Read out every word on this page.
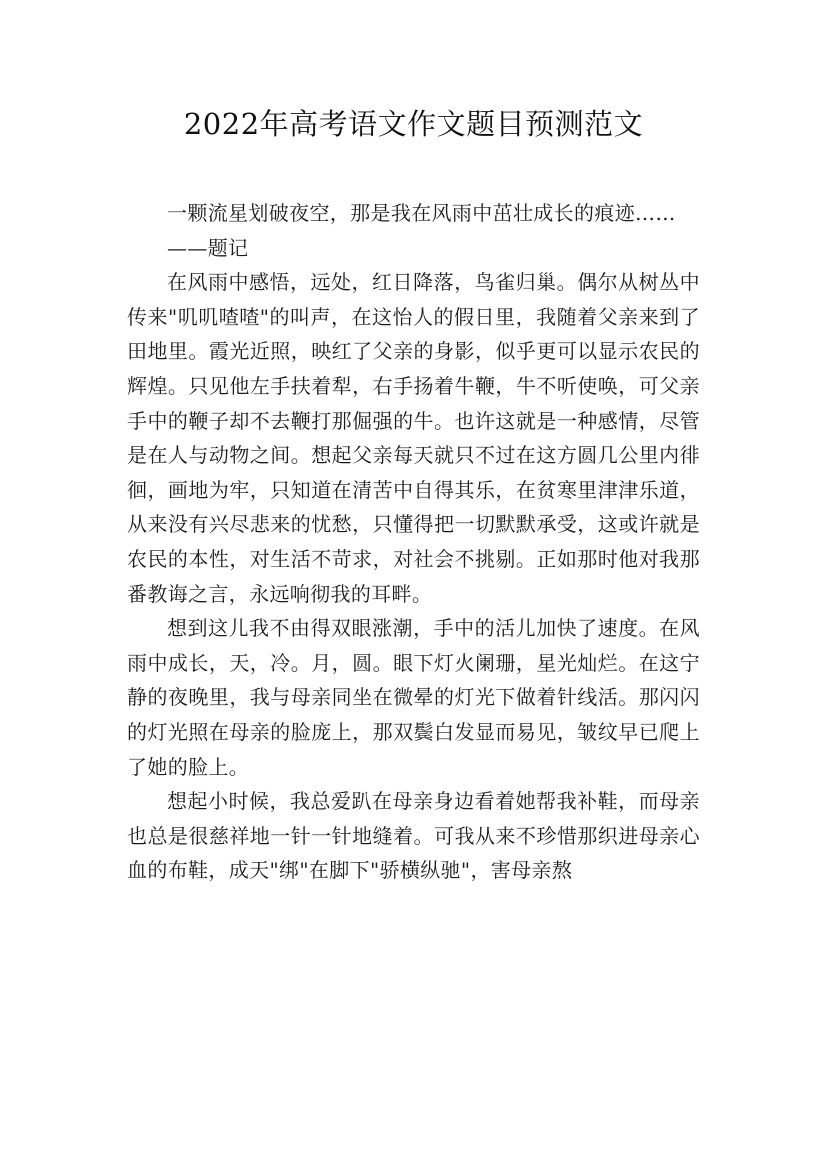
2022年高考语文作文题目预测范文

一颗流星划破夜空，那是我在风雨中茁壮成长的痕迹……

——题记

在风雨中感悟，远处，红日降落，鸟雀归巢。偶尔从树丛中传来"叽叽喳喳"的叫声，在这怡人的假日里，我随着父亲来到了田地里。霞光近照，映红了父亲的身影，似乎更可以显示农民的辉煌。只见他左手扶着犁，右手扬着牛鞭，牛不听使唤，可父亲手中的鞭子却不去鞭打那倔强的牛。也许这就是一种感情，尽管是在人与动物之间。想起父亲每天就只不过在这方圆几公里内徘徊，画地为牢，只知道在清苦中自得其乐，在贫寒里津津乐道，从来没有兴尽悲来的忧愁，只懂得把一切默默承受，这或许就是农民的本性，对生活不苛求，对社会不挑剔。正如那时他对我那番教诲之言，永远响彻我的耳畔。

想到这儿我不由得双眼涨潮，手中的活儿加快了速度。在风雨中成长，天，冷。月，圆。眼下灯火阑珊，星光灿烂。在这宁静的夜晚里，我与母亲同坐在微晕的灯光下做着针线活。那闪闪的灯光照在母亲的脸庞上，那双鬓白发显而易见，皱纹早已爬上了她的脸上。

想起小时候，我总爱趴在母亲身边看着她帮我补鞋，而母亲也总是很慈祥地一针一针地缝着。可我从来不珍惜那织进母亲心血的布鞋，成天"绑"在脚下"骄横纵驰"，害母亲熬
